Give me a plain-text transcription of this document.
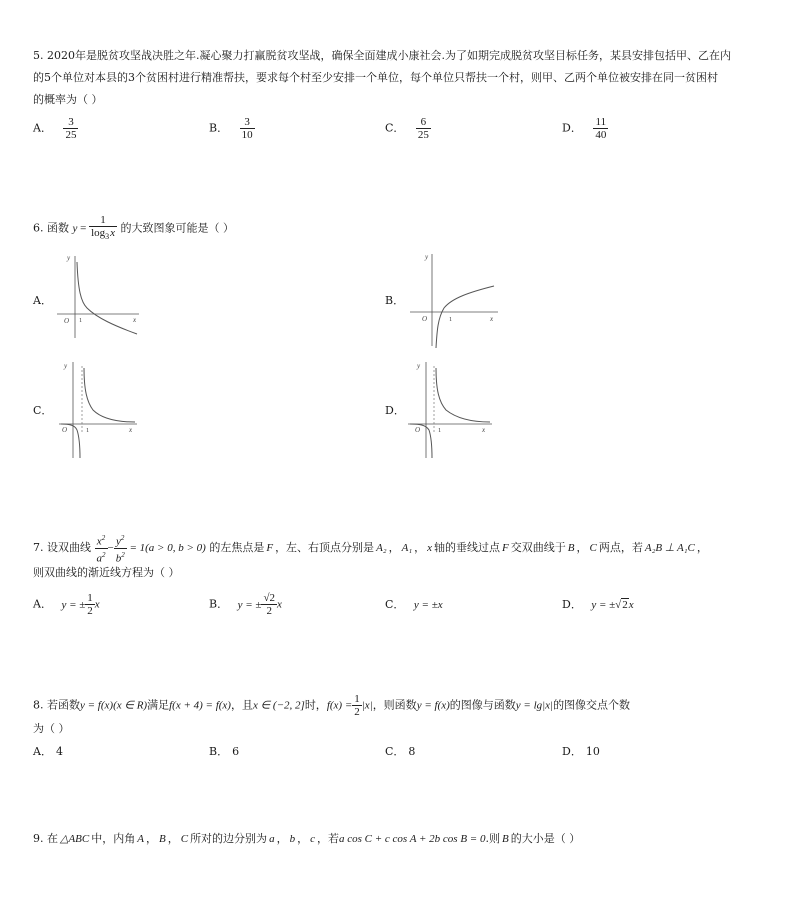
5. 2020年是脱贫攻坚战决胜之年.凝心聚力打赢脱贫攻坚战，确保全面建成小康社会.为了如期完成脱贫攻坚目标任务，某县安排包括甲、乙在内
的5个单位对本县的3个贫困村进行精准帮扶，要求每个村至少安排一个单位，每个单位只帮扶一个村，则甲、乙两个单位被安排在同一贫困村
的概率为（ ）
A． $\frac{3}{25}$	B． $\frac{3}{10}$	C． $\frac{6}{25}$	D． $\frac{11}{40}$
6. 函数 $y = \frac{1}{\log_3 x}$ 的大致图象可能是（ ）
A．
y
x
O 1
B．
y
x
O	1
C．
y
x
O	1
D．
y
x
O	1
7. 设双曲线 $\frac{x^2}{a^2} - \frac{y^2}{b^2} = 1(a > 0$, b > 0) 的左焦点是 F ，左、右顶点分别是 A₂ ， A₁ ， x 轴的垂线过点 F 交双曲线于 B ， C 两点，若 A₂B ⊥ A₁C ，
则双曲线的渐近线方程为（ ）
A． y = ± $\frac{1}{2}$ x	B． y = ± $\frac{√2}{2}$ x	C． y = ±x	D． y = ±√2x
8. 若函数y = f(x)(x ∈ R)满足f(x + 4) = f(x)，且x ∈ (−2, 2]时，$f(x) = \frac{1}{2} |x|$，则函数y = f(x)的图像与函数y = lg|x|的图像交点个数
为（ ）
A． 4	B． 6	C． 8	D． 10
9. 在 △ABC 中，内角 A ， B ， C 所对的边分别为 a ， b ， c ，若a cos C + c cos A + 2b cos B = 0.则 B 的大小是（ ）
